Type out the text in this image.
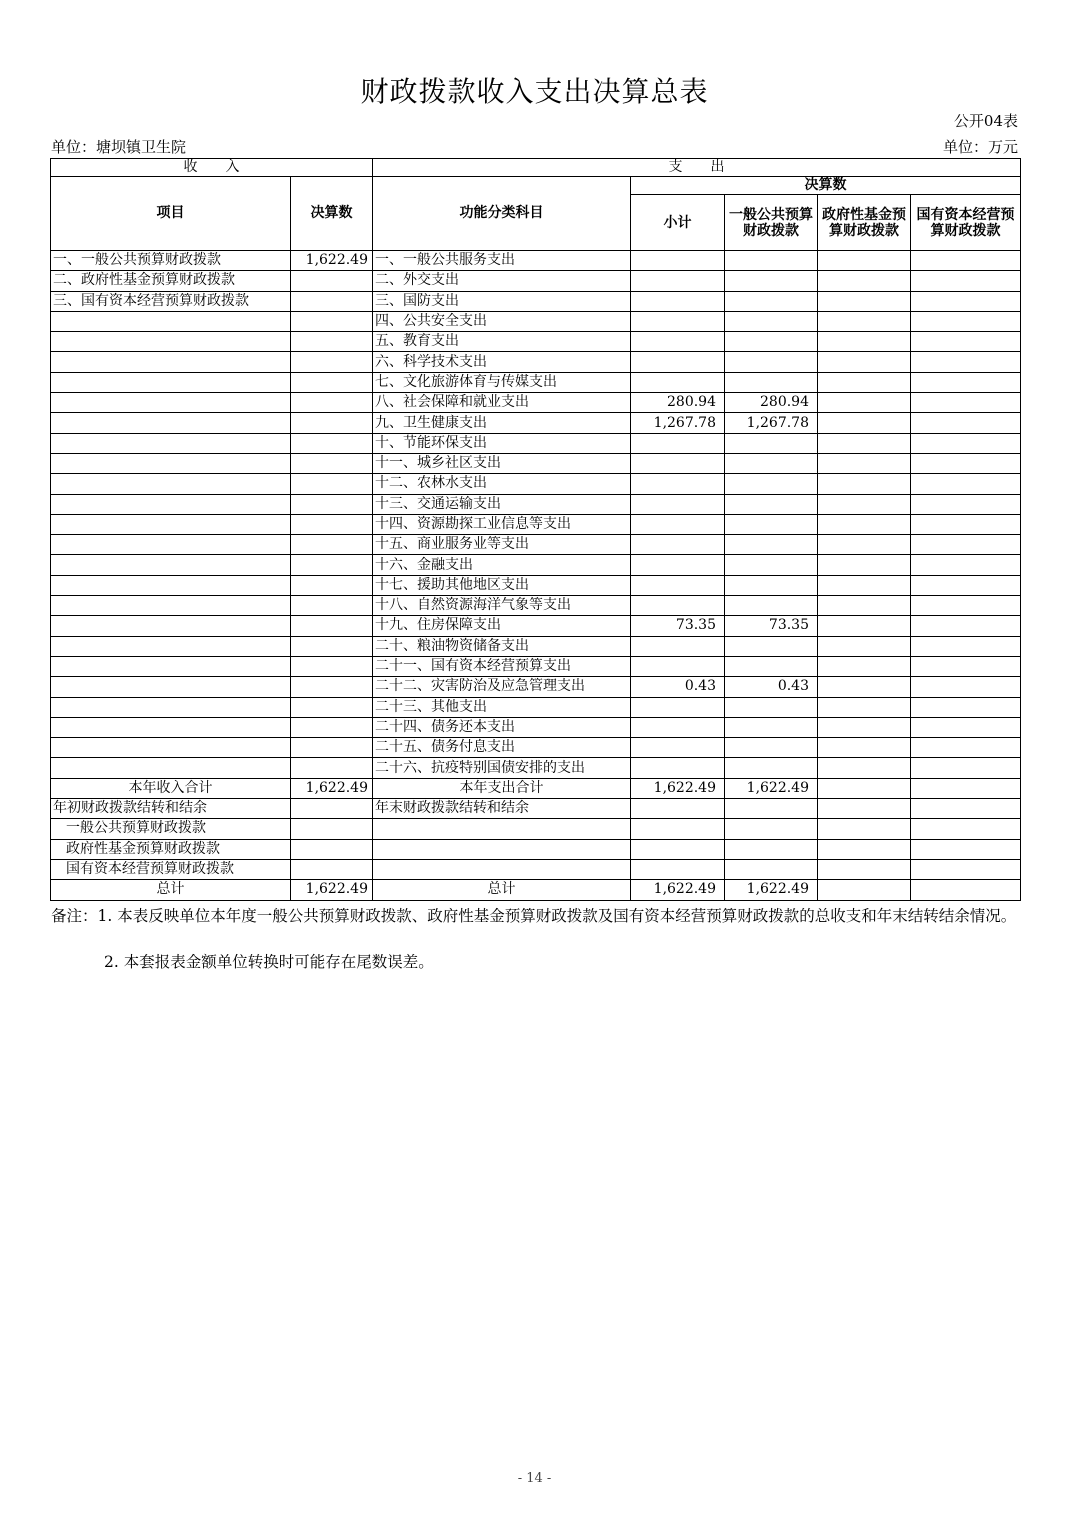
财政拨款收入支出决算总表
公开04表
单位：塘坝镇卫生院	单位：万元
收　　入		支　　出				
项目	决算数	功能分类科目	决算数			
			小计	一般公共预算财政拨款	政府性基金预算财政拨款	国有资本经营预算财政拨款
一、一般公共预算财政拨款	1,622.49	一、一般公共服务支出				
二、政府性基金预算财政拨款		二、外交支出				
三、国有资本经营预算财政拨款		三、国防支出				
		四、公共安全支出				
		五、教育支出				
		六、科学技术支出				
		七、文化旅游体育与传媒支出				
		八、社会保障和就业支出	280.94	280.94		
		九、卫生健康支出	1,267.78	1,267.78		
		十、节能环保支出				
		十一、城乡社区支出				
		十二、农林水支出				
		十三、交通运输支出				
		十四、资源勘探工业信息等支出				
		十五、商业服务业等支出				
		十六、金融支出				
		十七、援助其他地区支出				
		十八、自然资源海洋气象等支出				
		十九、住房保障支出	73.35	73.35		
		二十、粮油物资储备支出				
		二十一、国有资本经营预算支出				
		二十二、灾害防治及应急管理支出	0.43	0.43		
		二十三、其他支出				
		二十四、债务还本支出				
		二十五、债务付息支出				
		二十六、抗疫特别国债安排的支出				
本年收入合计	1,622.49	本年支出合计	1,622.49	1,622.49		
年初财政拨款结转和结余		年末财政拨款结转和结余				
一般公共预算财政拨款						
政府性基金预算财政拨款						
国有资本经营预算财政拨款						
总计	1,622.49	总计	1,622.49	1,622.49		
备注：1. 本表反映单位本年度一般公共预算财政拨款、政府性基金预算财政拨款及国有资本经营预算财政拨款的总收支和年末结转结余情况。
2. 本套报表金额单位转换时可能存在尾数误差。
- 14 -
